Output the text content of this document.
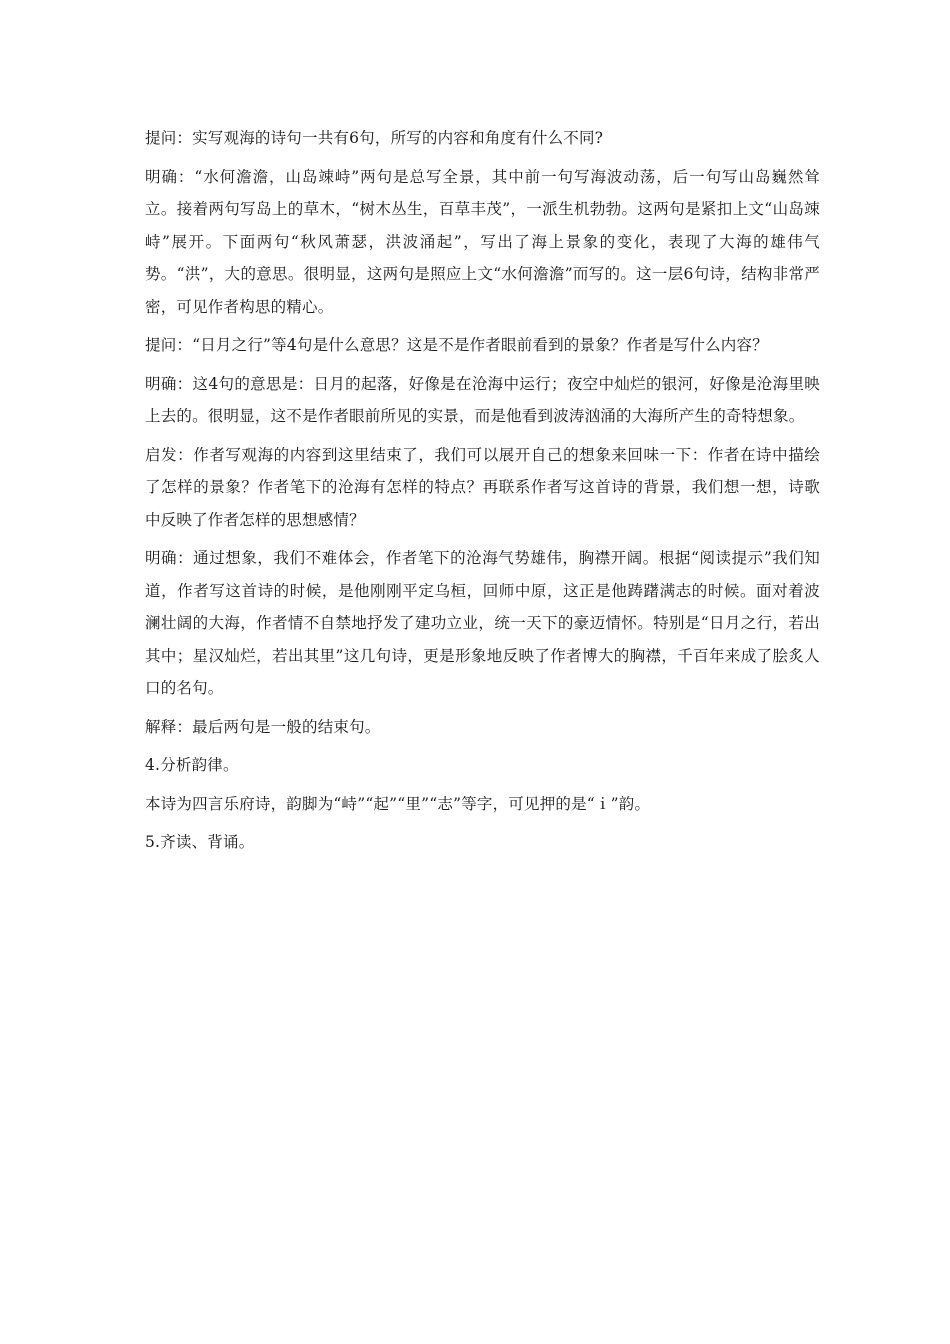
提问：实写观海的诗句一共有6句，所写的内容和角度有什么不同?

明确：“水何澹澹，山岛竦峙”两句是总写全景，其中前一句写海波动荡，后一句写山岛巍然耸立。接着两句写岛上的草木，“树木丛生，百草丰茂”，一派生机勃勃。这两句是紧扣上文“山岛竦峙”展开。下面两句“秋风萧瑟，洪波涌起”，写出了海上景象的变化，表现了大海的雄伟气势。“洪”，大的意思。很明显，这两句是照应上文“水何澹澹”而写的。这一层6句诗，结构非常严密，可见作者构思的精心。

提问：“日月之行”等4句是什么意思？这是不是作者眼前看到的景象？作者是写什么内容？

明确：这4句的意思是：日月的起落，好像是在沧海中运行；夜空中灿烂的银河，好像是沧海里映上去的。很明显，这不是作者眼前所见的实景，而是他看到波涛汹涌的大海所产生的奇特想象。

启发：作者写观海的内容到这里结束了，我们可以展开自己的想象来回味一下：作者在诗中描绘了怎样的景象？作者笔下的沧海有怎样的特点？再联系作者写这首诗的背景，我们想一想，诗歌中反映了作者怎样的思想感情？

明确：通过想象，我们不难体会，作者笔下的沧海气势雄伟，胸襟开阔。根据“阅读提示”我们知道，作者写这首诗的时候，是他刚刚平定乌桓，回师中原，这正是他踌躇满志的时候。面对着波澜壮阔的大海，作者情不自禁地抒发了建功立业，统一天下的豪迈情怀。特别是“日月之行，若出其中；星汉灿烂，若出其里”这几句诗，更是形象地反映了作者博大的胸襟，千百年来成了脍炙人口的名句。

解释：最后两句是一般的结束句。

4.分析韵律。

本诗为四言乐府诗，韵脚为“峙”“起”“里”“志”等字，可见押的是“ｉ”韵。

5.齐读、背诵。
